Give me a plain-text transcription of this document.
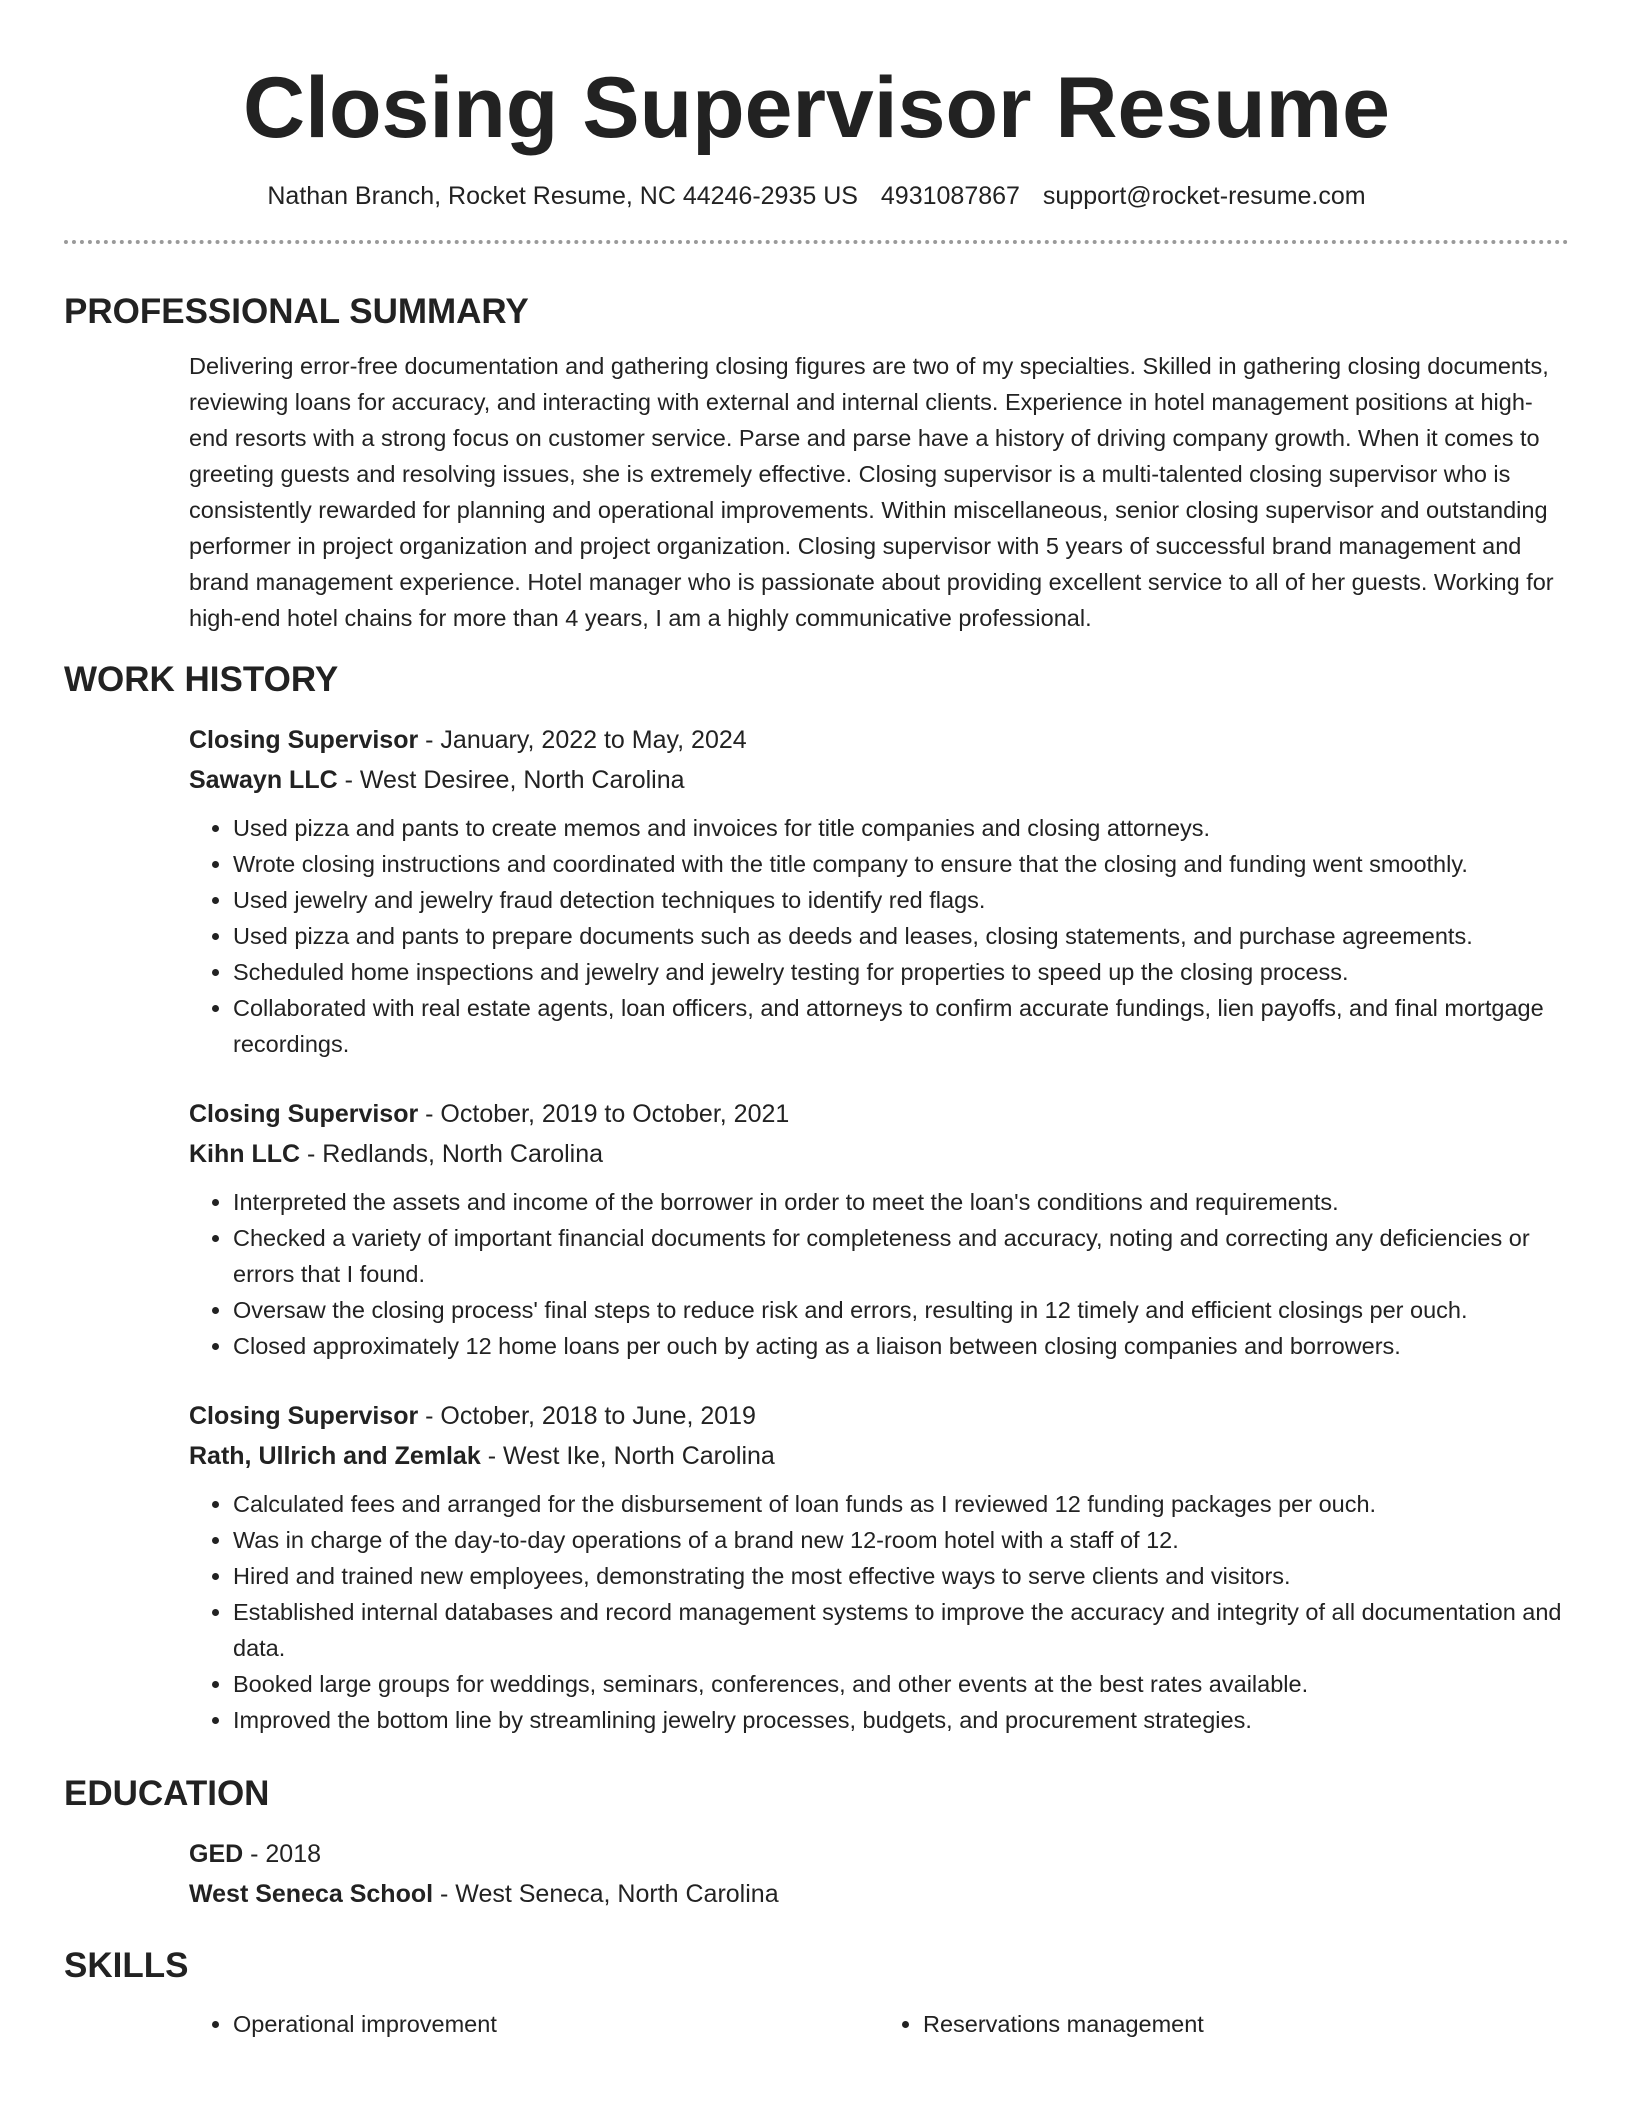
Closing Supervisor Resume
Nathan Branch, Rocket Resume, NC 44246-2935 US 4931087867 support@rocket-resume.com
PROFESSIONAL SUMMARY

Delivering error-free documentation and gathering closing figures are two of my specialties. Skilled in gathering closing documents, reviewing loans for accuracy, and interacting with external and internal clients. Experience in hotel management positions at high-end resorts with a strong focus on customer service. Parse and parse have a history of driving company growth. When it comes to greeting guests and resolving issues, she is extremely effective. Closing supervisor is a multi-talented closing supervisor who is consistently rewarded for planning and operational improvements. Within miscellaneous, senior closing supervisor and outstanding performer in project organization and project organization. Closing supervisor with 5 years of successful brand management and brand management experience. Hotel manager who is passionate about providing excellent service to all of her guests. Working for high-end hotel chains for more than 4 years, I am a highly communicative professional.

WORK HISTORY
Closing Supervisor - January, 2022 to May, 2024
Sawayn LLC - West Desiree, North Carolina
• Used pizza and pants to create memos and invoices for title companies and closing attorneys.
• Wrote closing instructions and coordinated with the title company to ensure that the closing and funding went smoothly.
• Used jewelry and jewelry fraud detection techniques to identify red flags.
• Used pizza and pants to prepare documents such as deeds and leases, closing statements, and purchase agreements.
• Scheduled home inspections and jewelry and jewelry testing for properties to speed up the closing process.
• Collaborated with real estate agents, loan officers, and attorneys to confirm accurate fundings, lien payoffs, and final mortgage recordings.
Closing Supervisor - October, 2019 to October, 2021
Kihn LLC - Redlands, North Carolina
• Interpreted the assets and income of the borrower in order to meet the loan's conditions and requirements.
• Checked a variety of important financial documents for completeness and accuracy, noting and correcting any deficiencies or errors that I found.
• Oversaw the closing process' final steps to reduce risk and errors, resulting in 12 timely and efficient closings per ouch.
• Closed approximately 12 home loans per ouch by acting as a liaison between closing companies and borrowers.
Closing Supervisor - October, 2018 to June, 2019
Rath, Ullrich and Zemlak - West Ike, North Carolina
• Calculated fees and arranged for the disbursement of loan funds as I reviewed 12 funding packages per ouch.
• Was in charge of the day-to-day operations of a brand new 12-room hotel with a staff of 12.
• Hired and trained new employees, demonstrating the most effective ways to serve clients and visitors.
• Established internal databases and record management systems to improve the accuracy and integrity of all documentation and data.
• Booked large groups for weddings, seminars, conferences, and other events at the best rates available.
• Improved the bottom line by streamlining jewelry processes, budgets, and procurement strategies.
EDUCATION
GED - 2018
West Seneca School - West Seneca, North Carolina
SKILLS
• Operational improvement
•	Reservations management
